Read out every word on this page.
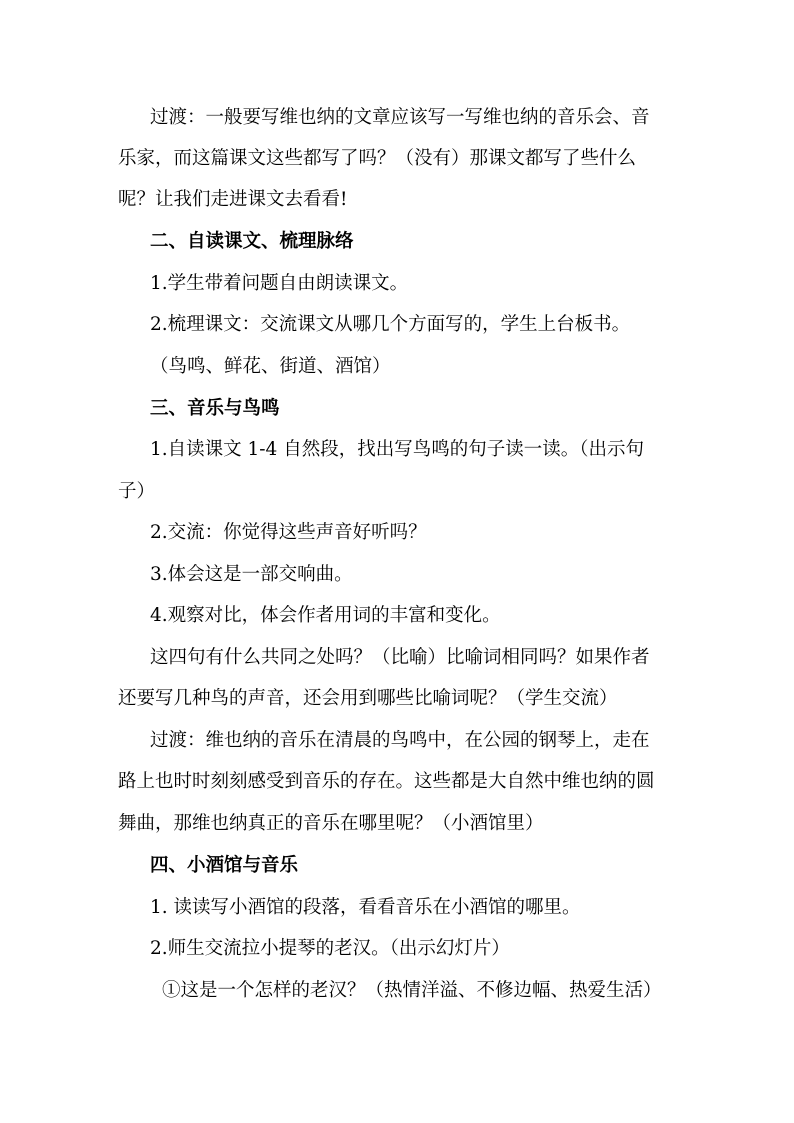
过渡：一般要写维也纳的文章应该写一写维也纳的音乐会、音
乐家，而这篇课文这些都写了吗？（没有）那课文都写了些什么
呢？让我们走进课文去看看!
二、自读课文、梳理脉络
1.学生带着问题自由朗读课文。
2.梳理课文：交流课文从哪几个方面写的，学生上台板书。
（鸟鸣、鲜花、街道、酒馆）
三、音乐与鸟鸣
1.自读课文 1-4 自然段，找出写鸟鸣的句子读一读。（出示句
子）
2.交流：你觉得这些声音好听吗？
3.体会这是一部交响曲。
4.观察对比，体会作者用词的丰富和变化。
这四句有什么共同之处吗？（比喻）比喻词相同吗？如果作者
还要写几种鸟的声音，还会用到哪些比喻词呢？（学生交流）
过渡：维也纳的音乐在清晨的鸟鸣中，在公园的钢琴上，走在
路上也时时刻刻感受到音乐的存在。这些都是大自然中维也纳的圆
舞曲，那维也纳真正的音乐在哪里呢？（小酒馆里）
四、小酒馆与音乐
1. 读读写小酒馆的段落，看看音乐在小酒馆的哪里。
2.师生交流拉小提琴的老汉。（出示幻灯片）
①这是一个怎样的老汉？（热情洋溢、不修边幅、热爱生活）
